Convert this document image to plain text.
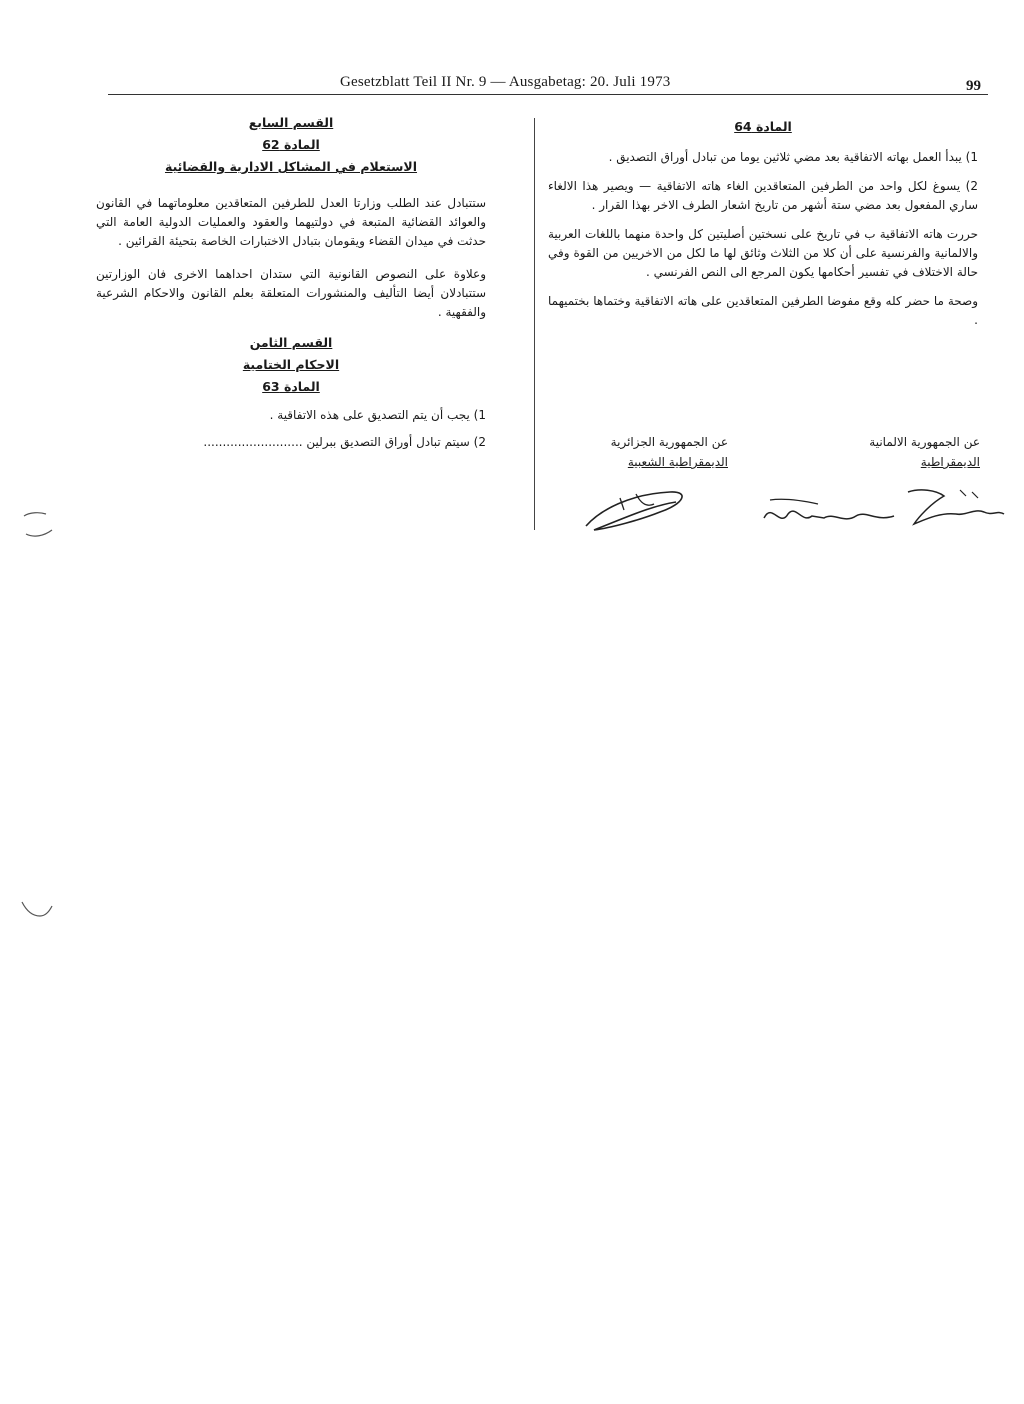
Gesetzblatt Teil II Nr. 9 — Ausgabetag: 20. Juli 1973	99

القسم السابع

المادة 62

الاستعلام في المشاكل الادارية والقضائية

ستتبادل عند الطلب وزارتا العدل للطرفين المتعاقدين معلوماتهما في القانون والعوائد القضائية المتبعة في دولتيهما والعقود والعمليات الدولية العامة التي حدثت في ميدان القضاء ويقومان بتبادل الاختبارات الخاصة بتحيئة القرائين .

وعلاوة على النصوص القانونية التي ستدان احداهما الاخرى فان الوزارتين ستتبادلان أيضا التأليف والمنشورات المتعلقة بعلم القانون والاحكام الشرعية والفقهية .

القسم الثامن

الاحكام الختامية

المادة 63

1) يجب أن يتم التصديق على هذه الاتفاقية .

2) سيتم تبادل أوراق التصديق ببرلين ..........................

المادة 64

1) يبدأ العمل بهاته الاتفاقية بعد مضي ثلاثين يوما من تبادل أوراق التصديق .

2) يسوغ لكل واحد من الطرفين المتعاقدين الغاء هاته الاتفاقية — ويصير هذا الالغاء ساري المفعول بعد مضي ستة أشهر من تاريخ اشعار الطرف الاخر بهذا القرار .

حررت هاته الاتفاقية ب في تاريخ على نسختين أصليتين كل واحدة منهما باللغات العربية والالمانية والفرنسية على أن كلا من الثلاث وثائق لها ما لكل من الاخريين من القوة وفي حالة الاختلاف في تفسير أحكامها يكون المرجع الى النص الفرنسي .

وصحة ما حضر كله وقع مفوضا الطرفين المتعاقدين على هاته الاتفاقية وختماها بختميهما .

عن الجمهورية الالمانية
الديمقراطية
عن الجمهورية الجزائرية
الديمقراطية الشعبية
